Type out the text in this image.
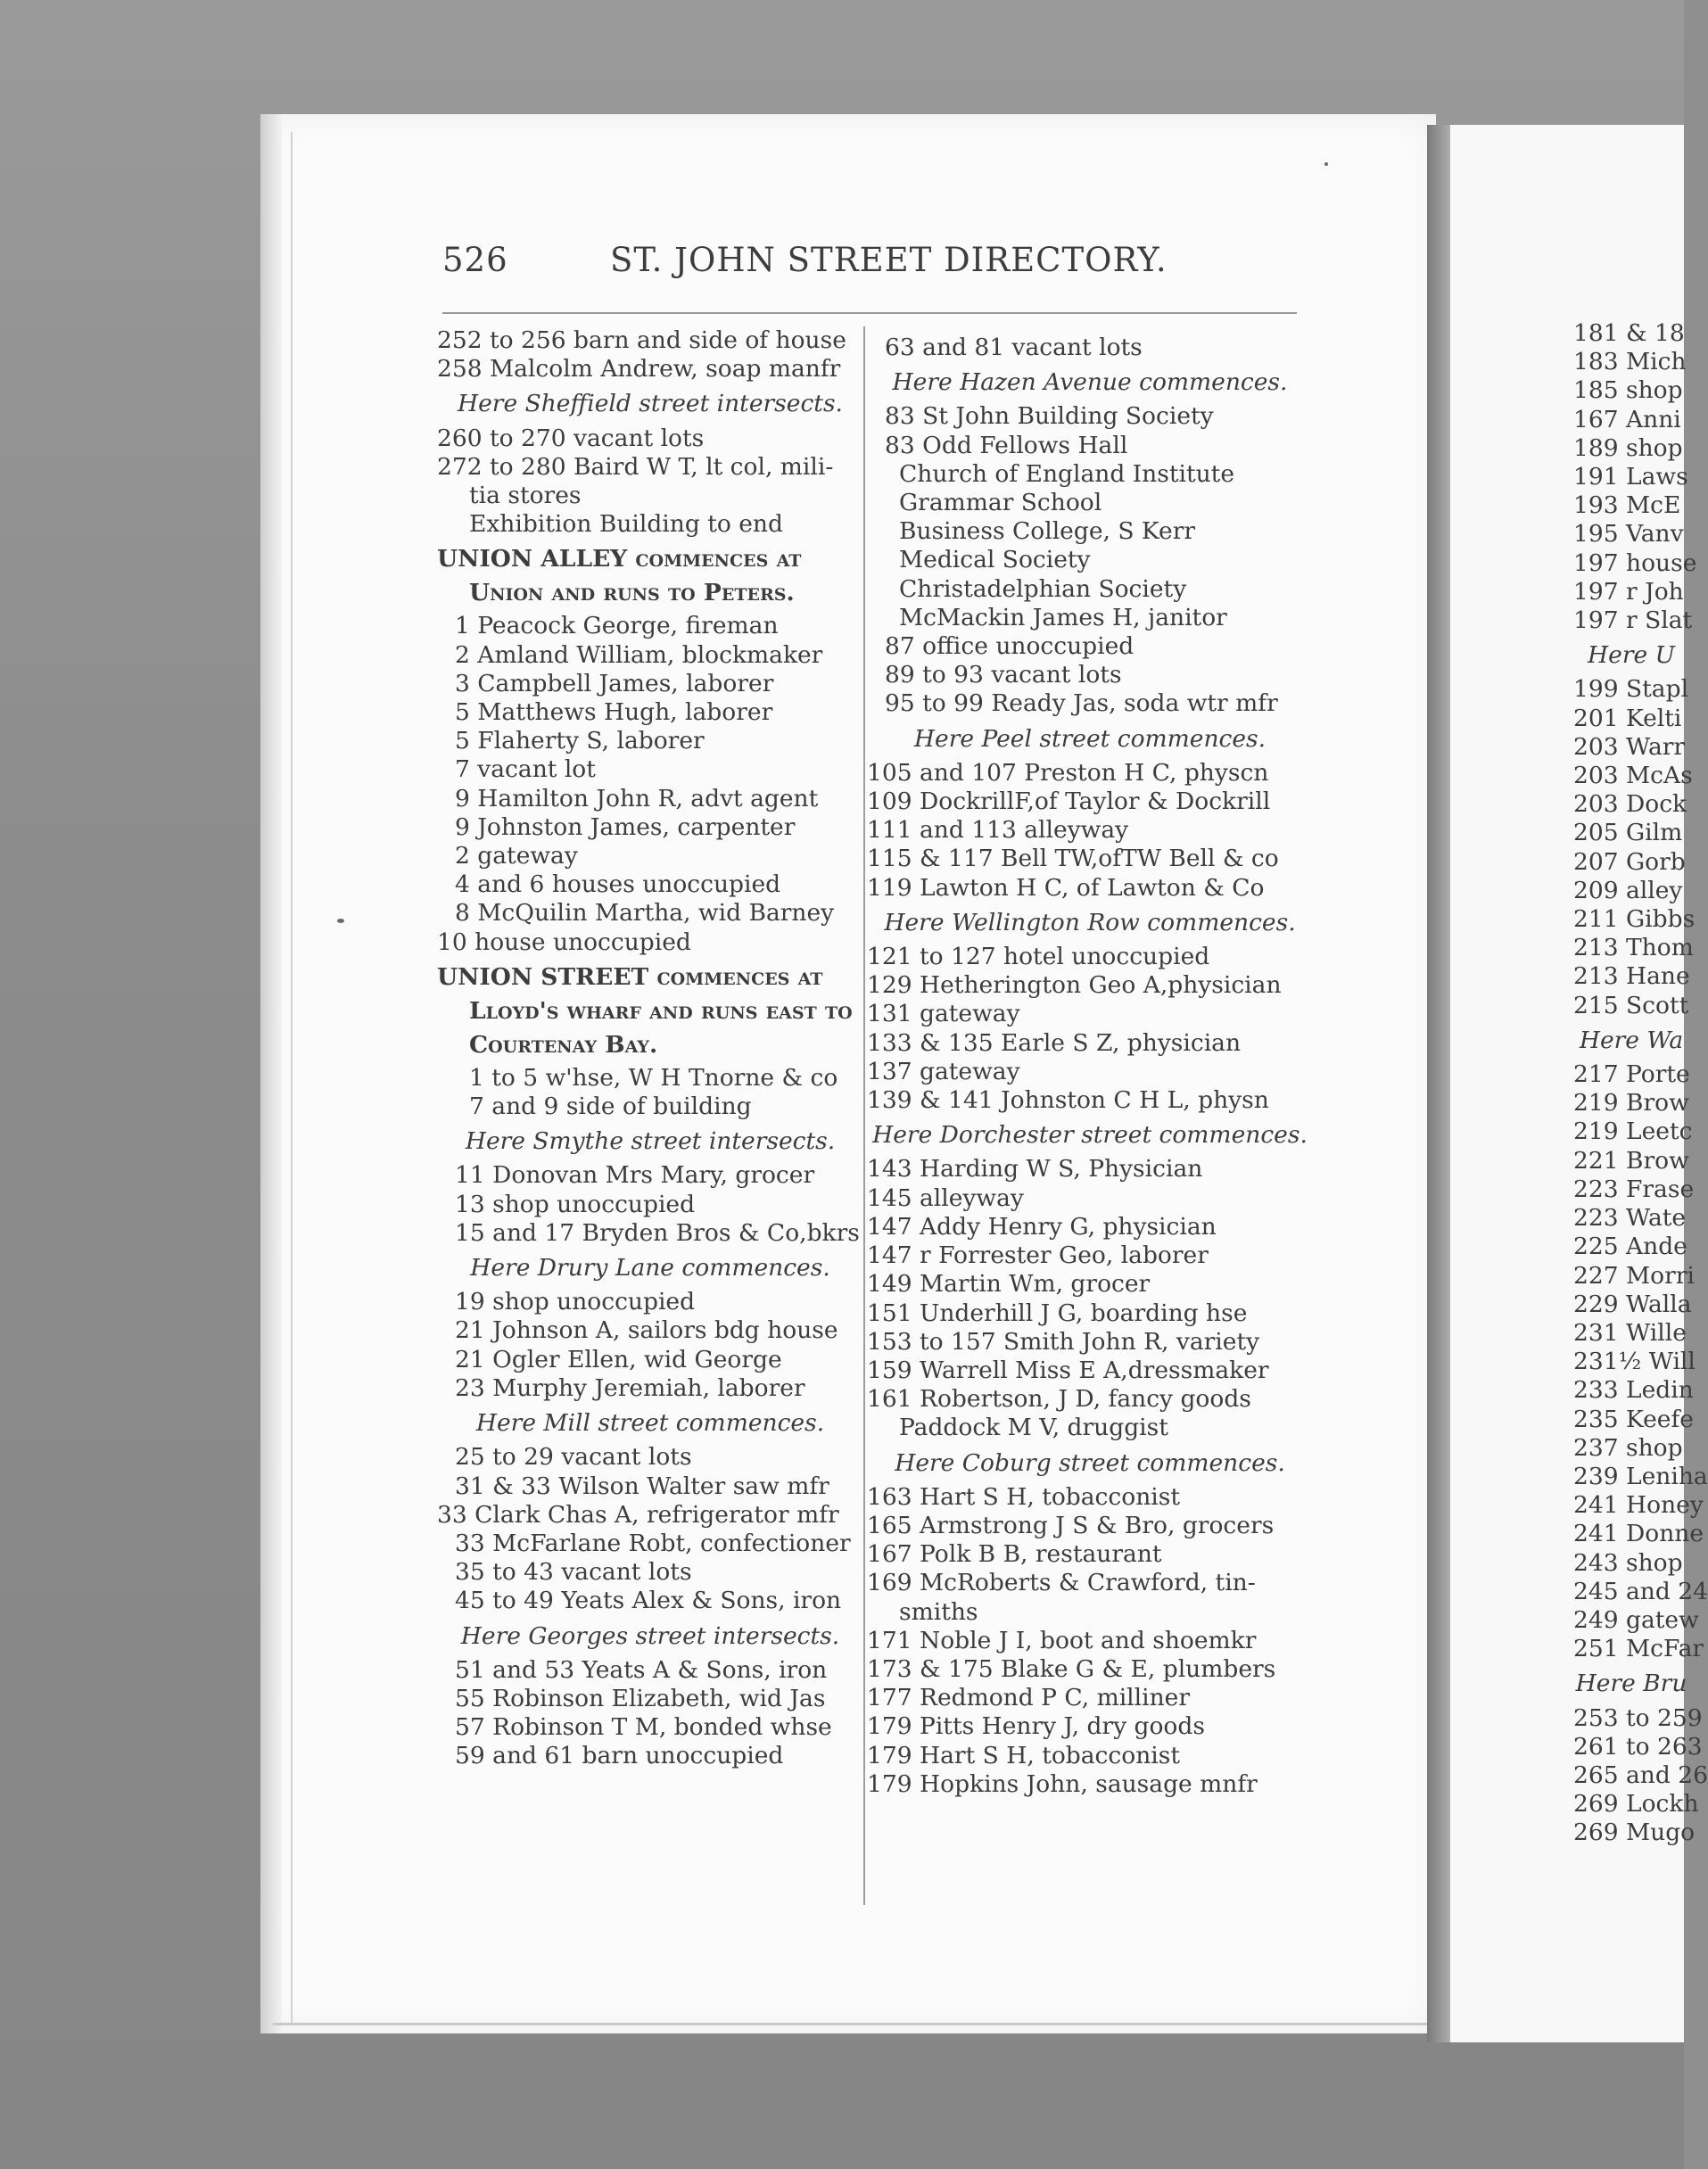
526	ST. JOHN STREET DIRECTORY.
252 to 256 barn and side of house
258 Malcolm Andrew, soap manfr
Here Sheffield street intersects.
260 to 270 vacant lots
272 to 280 Baird W T, lt col, mili-
tia stores
Exhibition Building to end
UNION ALLEY commences at
Union and runs to Peters.
1 Peacock George, fireman
2 Amland William, blockmaker
3 Campbell James, laborer
5 Matthews Hugh, laborer
5 Flaherty S, laborer
7 vacant lot
9 Hamilton John R, advt agent
9 Johnston James, carpenter
2 gateway
4 and 6 houses unoccupied
8 McQuilin Martha, wid Barney
10 house unoccupied
UNION STREET commences at
Lloyd's wharf and runs east to
Courtenay Bay.
1 to 5 w'hse, W H Tnorne & co
7 and 9 side of building
Here Smythe street intersects.
11 Donovan Mrs Mary, grocer
13 shop unoccupied
15 and 17 Bryden Bros & Co,bkrs
Here Drury Lane commences.
19 shop unoccupied
21 Johnson A, sailors bdg house
21 Ogler Ellen, wid George
23 Murphy Jeremiah, laborer
Here Mill street commences.
25 to 29 vacant lots
31 & 33 Wilson Walter saw mfr
33 Clark Chas A, refrigerator mfr
33 McFarlane Robt, confectioner
35 to 43 vacant lots
45 to 49 Yeats Alex & Sons, iron
Here Georges street intersects.
51 and 53 Yeats A & Sons, iron
55 Robinson Elizabeth, wid Jas
57 Robinson T M, bonded whse
59 and 61 barn unoccupied
63 and 81 vacant lots
Here Hazen Avenue commences.
83 St John Building Society
83 Odd Fellows Hall
Church of England Institute
Grammar School
Business College, S Kerr
Medical Society
Christadelphian Society
McMackin James H, janitor
87 office unoccupied
89 to 93 vacant lots
95 to 99 Ready Jas, soda wtr mfr
Here Peel street commences.
105 and 107 Preston H C, physcn
109 DockrillF,of Taylor & Dockrill
111 and 113 alleyway
115 & 117 Bell TW,ofTW Bell & co
119 Lawton H C, of Lawton & Co
Here Wellington Row commences.
121 to 127 hotel unoccupied
129 Hetherington Geo A,physician
131 gateway
133 & 135 Earle S Z, physician
137 gateway
139 & 141 Johnston C H L, physn
Here Dorchester street commences.
143 Harding W S, Physician
145 alleyway
147 Addy Henry G, physician
147 r Forrester Geo, laborer
149 Martin Wm, grocer
151 Underhill J G, boarding hse
153 to 157 Smith John R, variety
159 Warrell Miss E A,dressmaker
161 Robertson, J D, fancy goods
Paddock M V, druggist
Here Coburg street commences.
163 Hart S H, tobacconist
165 Armstrong J S & Bro, grocers
167 Polk B B, restaurant
169 McRoberts & Crawford, tin-
smiths
171 Noble J I, boot and shoemkr
173 & 175 Blake G & E, plumbers
177 Redmond P C, milliner
179 Pitts Henry J, dry goods
179 Hart S H, tobacconist
179 Hopkins John, sausage mnfr
181 & 18
183 Mich
185 shop
167 Anni
189 shop
191 Laws
193 McE
195 Vanv
197 house
197 r Joh
197 r Slat
Here U
199 Stapl
201 Kelti
203 Warr
203 McAs
203 Dock
205 Gilm
207 Gorb
209 alley
211 Gibbs
213 Thom
213 Hane
215 Scott
Here Wa
217 Porte
219 Brow
219 Leetc
221 Brow
223 Frase
223 Wate
225 Ande
227 Morri
229 Walla
231 Wille
231½ Will
233 Ledin
235 Keefe
237 shop
239 Leniha
241 Honey
241 Donne
243 shop
245 and 24
249 gatew
251 McFar
Here Bru
253 to 259
261 to 263
265 and 26
269 Lockh
269 Mugo
